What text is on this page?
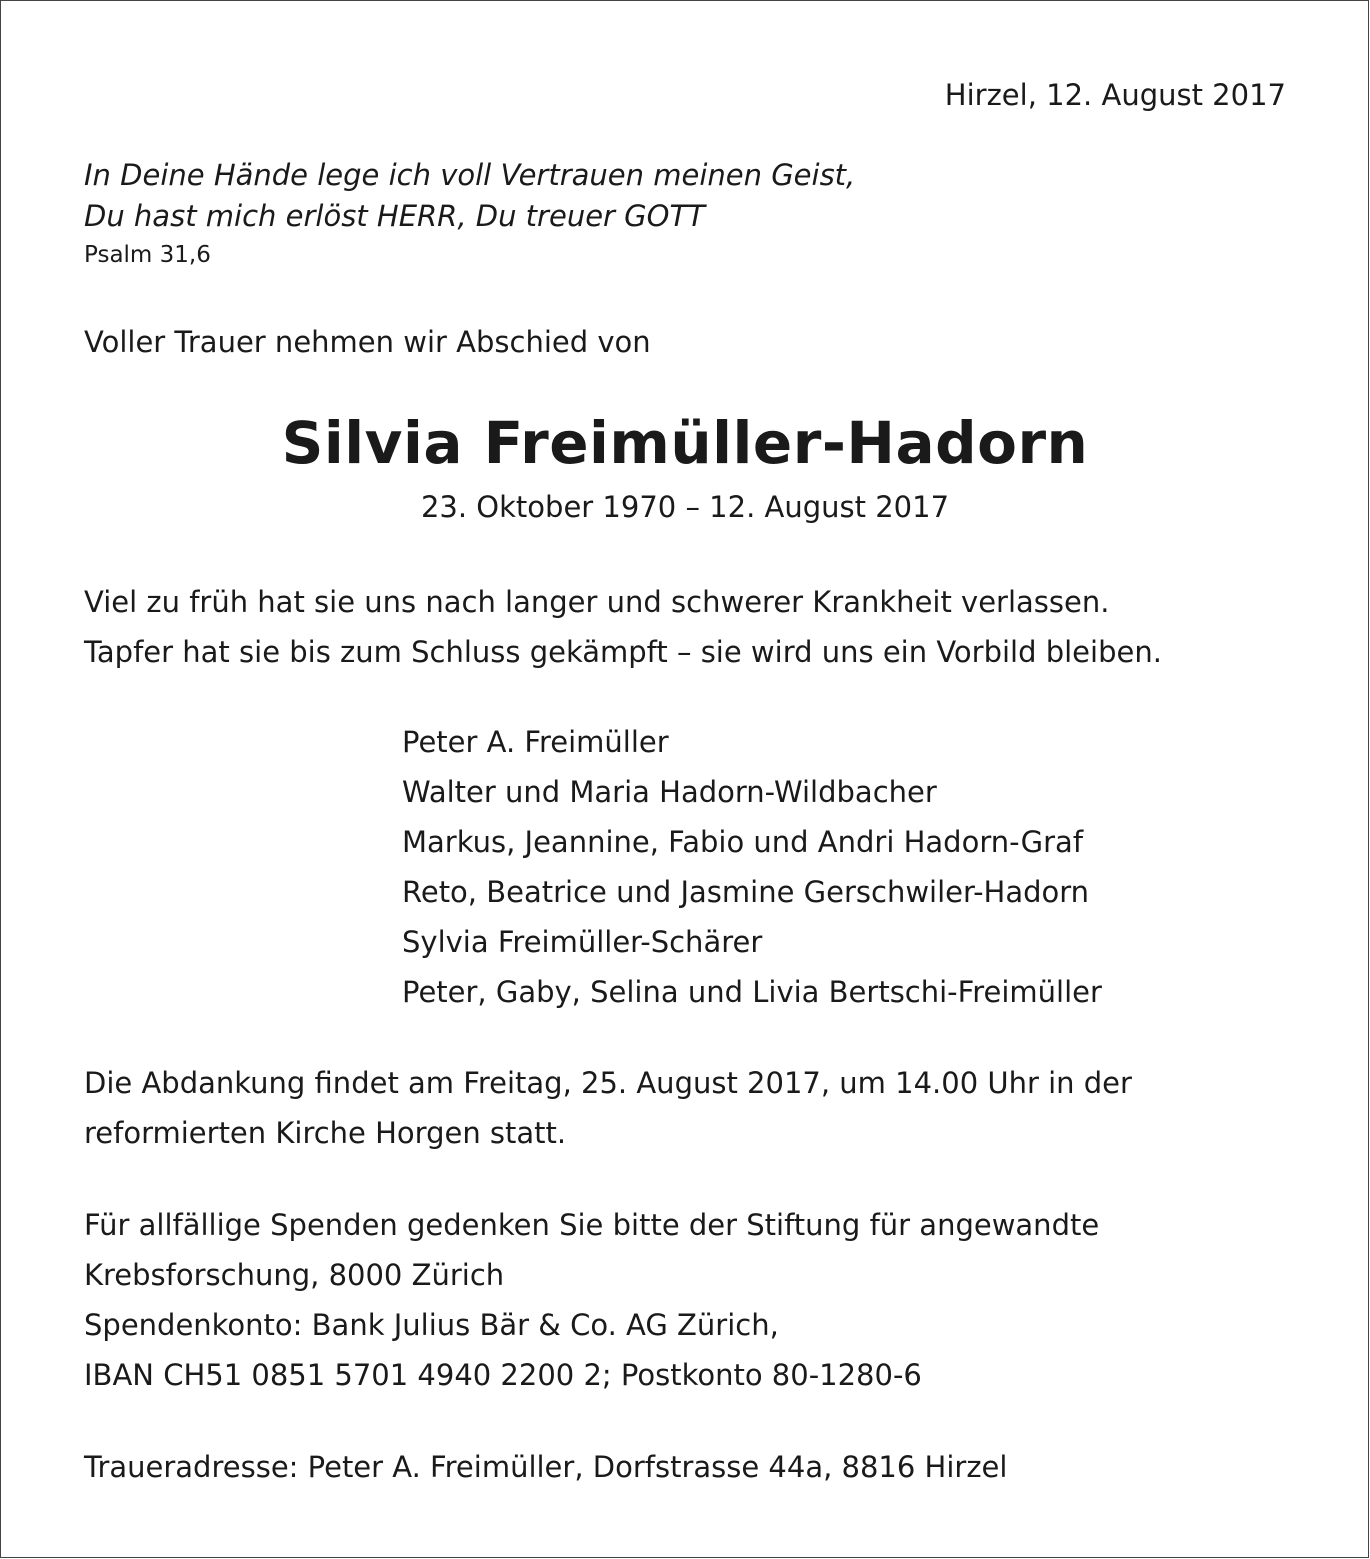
Hirzel, 12. August 2017

In Deine Hände lege ich voll Vertrauen meinen Geist,
Du hast mich erlöst HERR, Du treuer GOTT

Psalm 31,6

Voller Trauer nehmen wir Abschied von

Silvia Freimüller-Hadorn

23. Oktober 1970 – 12. August 2017

Viel zu früh hat sie uns nach langer und schwerer Krankheit verlassen.
Tapfer hat sie bis zum Schluss gekämpft – sie wird uns ein Vorbild bleiben.
Peter A. Freimüller
Walter und Maria Hadorn-Wildbacher
Markus, Jeannine, Fabio und Andri Hadorn-Graf
Reto, Beatrice und Jasmine Gerschwiler-Hadorn
Sylvia Freimüller-Schärer
Peter, Gaby, Selina und Livia Bertschi-Freimüller
Die Abdankung findet am Freitag, 25. August 2017, um 14.00 Uhr in der
reformierten Kirche Horgen statt.
Für allfällige Spenden gedenken Sie bitte der Stiftung für angewandte
Krebsforschung, 8000 Zürich
Spendenkonto: Bank Julius Bär & Co. AG Zürich,
IBAN CH51 0851 5701 4940 2200 2; Postkonto 80-1280-6

Traueradresse: Peter A. Freimüller, Dorfstrasse 44a, 8816 Hirzel
